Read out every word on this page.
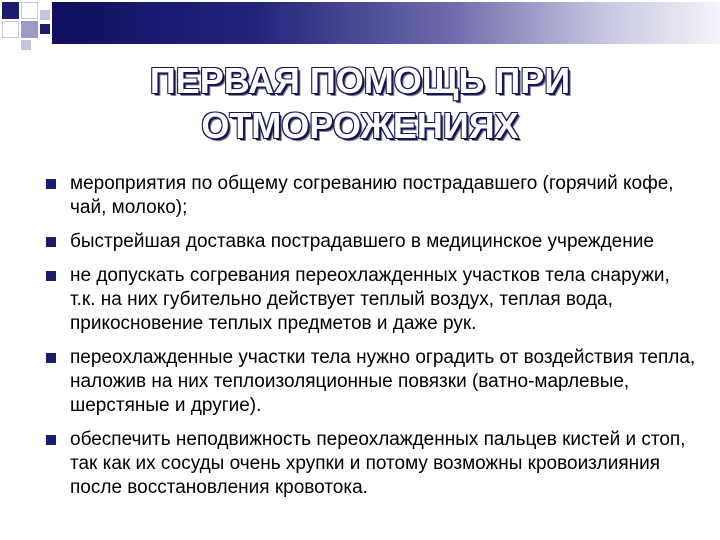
ПЕРВАЯ ПОМОЩЬ ПРИ
ОТМОРОЖЕНИЯХ
мероприятия по общему согреванию пострадавшего (горячий кофе, чай, молоко);
быстрейшая доставка пострадавшего в медицинское учреждение
не допускать согревания переохлажденных участков тела снаружи, т.к. на них губительно действует теплый воздух, теплая вода, прикосновение теплых предметов и даже рук.
переохлажденные участки тела нужно оградить от воздействия тепла, наложив на них теплоизоляционные повязки (ватно-марлевые, шерстяные и другие).
обеспечить неподвижность переохлажденных пальцев кистей и стоп, так как их сосуды очень хрупки и потому возможны кровоизлияния после восстановления кровотока.
